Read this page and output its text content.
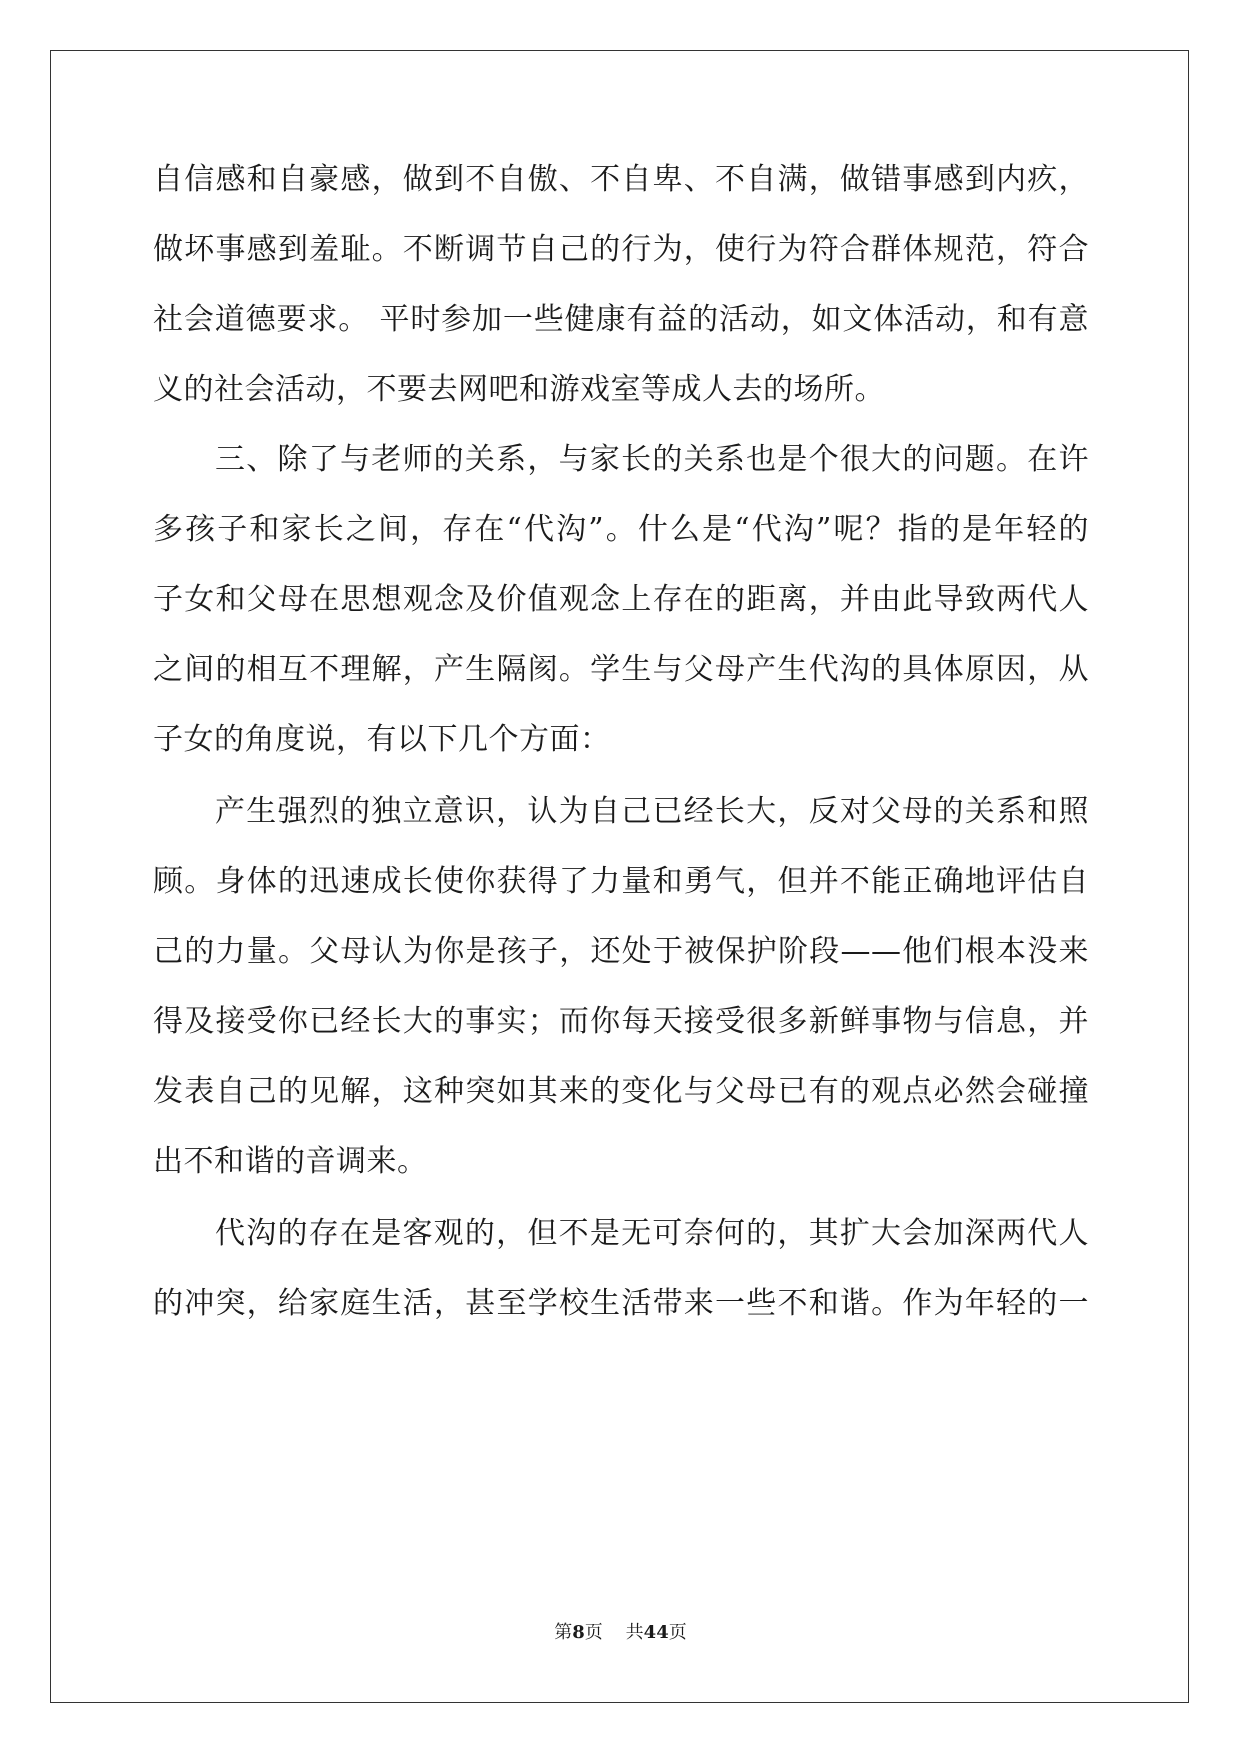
自信感和自豪感，做到不自傲、不自卑、不自满，做错事感到内疚，
做坏事感到羞耻。不断调节自己的行为，使行为符合群体规范，符合
社会道德要求。 平时参加一些健康有益的活动，如文体活动，和有意
义的社会活动，不要去网吧和游戏室等成人去的场所。
三、除了与老师的关系，与家长的关系也是个很大的问题。在许
多孩子和家长之间，存在“代沟”。什么是“代沟”呢？指的是年轻的
子女和父母在思想观念及价值观念上存在的距离，并由此导致两代人
之间的相互不理解，产生隔阂。学生与父母产生代沟的具体原因，从
子女的角度说，有以下几个方面：
产生强烈的独立意识，认为自己已经长大，反对父母的关系和照
顾。身体的迅速成长使你获得了力量和勇气，但并不能正确地评估自
己的力量。父母认为你是孩子，还处于被保护阶段——他们根本没来
得及接受你已经长大的事实；而你每天接受很多新鲜事物与信息，并
发表自己的见解，这种突如其来的变化与父母已有的观点必然会碰撞
出不和谐的音调来。
代沟的存在是客观的，但不是无可奈何的，其扩大会加深两代人
的冲突，给家庭生活，甚至学校生活带来一些不和谐。作为年轻的一
第8页 共44页
